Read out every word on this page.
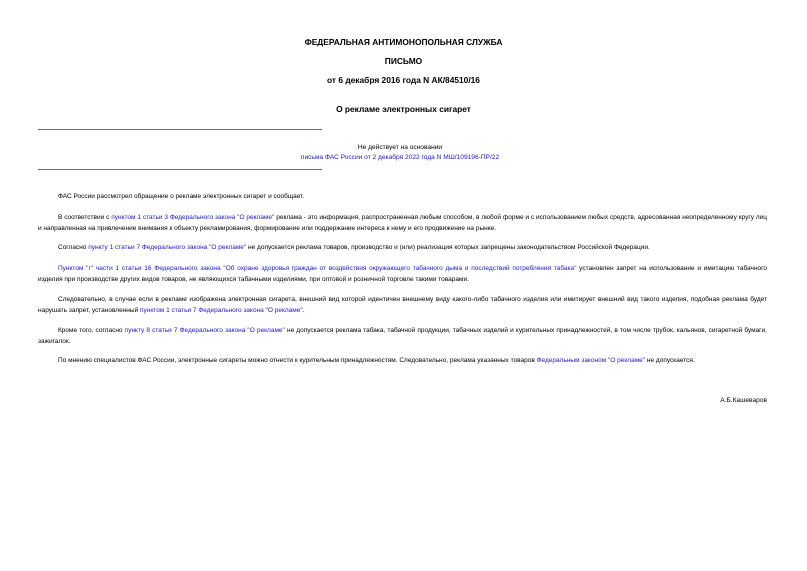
ФЕДЕРАЛЬНАЯ АНТИМОНОПОЛЬНАЯ СЛУЖБА
ПИСЬМО
от 6 декабря 2016 года N АК/84510/16
О рекламе электронных сигарет
Не действует на основании
письма ФАС России от 2 декабря 2022 года N МШ/109196-ПР/22
ФАС России рассмотрел обращение о рекламе электронных сигарет и сообщает.
В соответствии с пунктом 1 статьи 3 Федерального закона "О рекламе" реклама - это информация, распространенная любым способом, в любой форме и с использованием любых средств, адресованная неопределенному кругу лиц и направленная на привлечение внимания к объекту рекламирования, формирование или поддержание интереса к нему и его продвижение на рынке.
Согласно пункту 1 статьи 7 Федерального закона "О рекламе" не допускается реклама товаров, производство и (или) реализация которых запрещены законодательством Российской Федерации.
Пунктом "г" части 1 статьи 16 Федерального закона "Об охране здоровья граждан от воздействия окружающего табачного дыма и последствий потребления табака" установлен запрет на использование и имитацию табачного изделия при производстве других видов товаров, не являющихся табачными изделиями, при оптовой и розничной торговле такими товарами.
Следовательно, в случае если в рекламе изображена электронная сигарета, внешний вид которой идентичен внешнему виду какого-либо табачного изделия или имитирует внешний вид такого изделия, подобная реклама будет нарушать запрет, установленный пунктом 1 статьи 7 Федерального закона "О рекламе".
Кроме того, согласно пункту 8 статьи 7 Федерального закона "О рекламе" не допускается реклама табака, табачной продукции, табачных изделий и курительных принадлежностей, в том числе трубок, кальянов, сигаретной бумаги, зажигалок.
По мнению специалистов ФАС России, электронные сигареты можно отнести к курительным принадлежностям. Следовательно, реклама указанных товаров Федеральным законом "О рекламе" не допускается.
А.Б.Кашеваров
